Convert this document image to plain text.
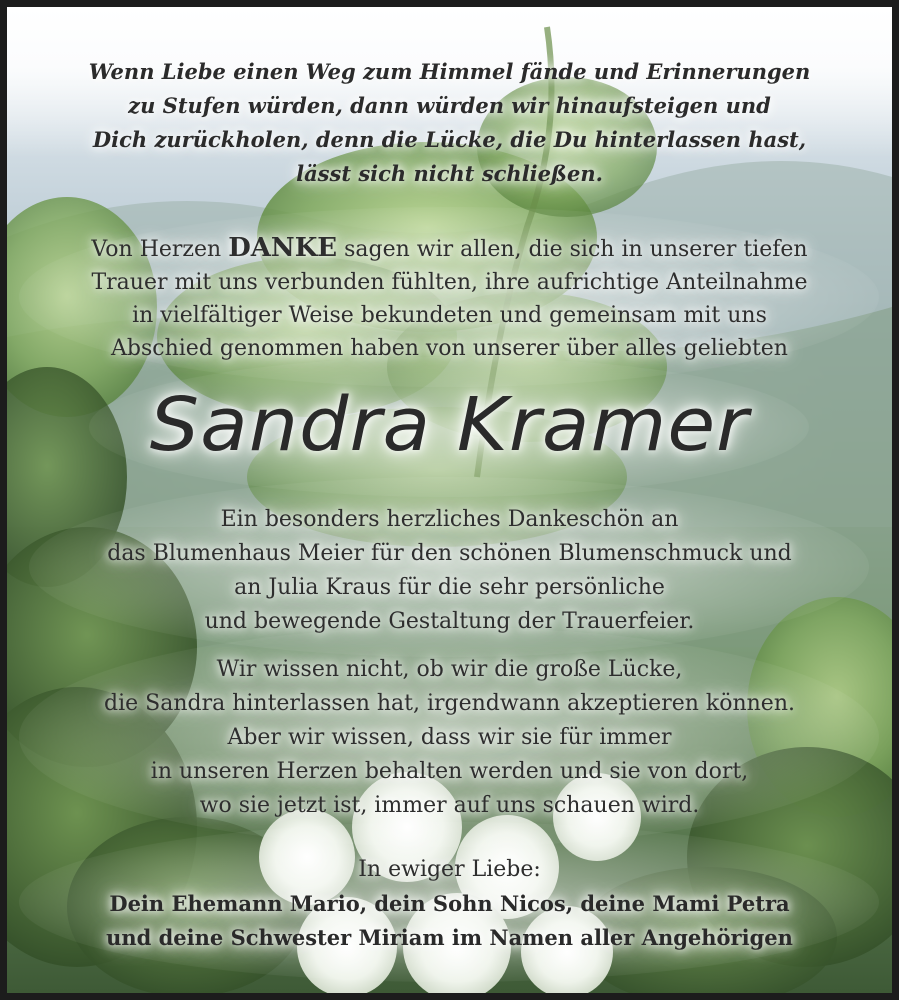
Wenn Liebe einen Weg zum Himmel fände und Erinnerungen
zu Stufen würden, dann würden wir hinaufsteigen und
Dich zurückholen, denn die Lücke, die Du hinterlassen hast,
lässt sich nicht schließen.
Von Herzen DANKE sagen wir allen, die sich in unserer tiefen
Trauer mit uns verbunden fühlten, ihre aufrichtige Anteilnahme
in vielfältiger Weise bekundeten und gemeinsam mit uns
Abschied genommen haben von unserer über alles geliebten
Sandra Kramer
Ein besonders herzliches Dankeschön an
das Blumenhaus Meier für den schönen Blumenschmuck und
an Julia Kraus für die sehr persönliche
und bewegende Gestaltung der Trauerfeier.
Wir wissen nicht, ob wir die große Lücke,
die Sandra hinterlassen hat, irgendwann akzeptieren können.
Aber wir wissen, dass wir sie für immer
in unseren Herzen behalten werden und sie von dort,
wo sie jetzt ist, immer auf uns schauen wird.
In ewiger Liebe:
Dein Ehemann Mario, dein Sohn Nicos, deine Mami Petra
und deine Schwester Miriam im Namen aller Angehörigen
